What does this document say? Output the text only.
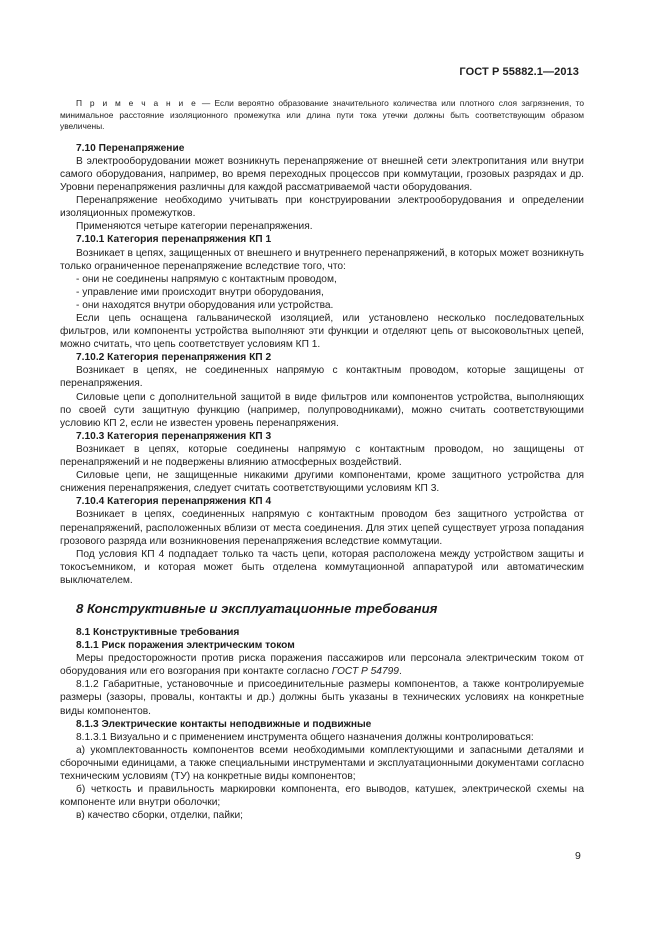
ГОСТ Р 55882.1—2013

П р и м е ч а н и е — Если вероятно образование значительного количества или плотного слоя загрязнения, то минимальное расстояние изоляционного промежутка или длина пути тока утечки должны быть соответствующим образом увеличены.

7.10 Перенапряжение

В электрооборудовании может возникнуть перенапряжение от внешней сети электропитания или внутри самого оборудования, например, во время переходных процессов при коммутации, грозовых разрядах и др. Уровни перенапряжения различны для каждой рассматриваемой части оборудования.

Перенапряжение необходимо учитывать при конструировании электрооборудования и определении изоляционных промежутков.

Применяются четыре категории перенапряжения.

7.10.1 Категория перенапряжения КП 1

Возникает в цепях, защищенных от внешнего и внутреннего перенапряжений, в которых может возникнуть только ограниченное перенапряжение вследствие того, что:

- они не соединены напрямую с контактным проводом,

- управление ими происходит внутри оборудования,

- они находятся внутри оборудования или устройства.

Если цепь оснащена гальванической изоляцией, или установлено несколько последовательных фильтров, или компоненты устройства выполняют эти функции и отделяют цепь от высоковольтных цепей, можно считать, что цепь соответствует условиям КП 1.

7.10.2 Категория перенапряжения КП 2

Возникает в цепях, не соединенных напрямую с контактным проводом, которые защищены от перенапряжения.

Силовые цепи с дополнительной защитой в виде фильтров или компонентов устройства, выполняющих по своей сути защитную функцию (например, полупроводниками), можно считать соответствующими условию КП 2, если не известен уровень перенапряжения.

7.10.3 Категория перенапряжения КП 3

Возникает в цепях, которые соединены напрямую с контактным проводом, но защищены от перенапряжений и не подвержены влиянию атмосферных воздействий.

Силовые цепи, не защищенные никакими другими компонентами, кроме защитного устройства для снижения перенапряжения, следует считать соответствующими условиям КП 3.

7.10.4 Категория перенапряжения КП 4

Возникает в цепях, соединенных напрямую с контактным проводом без защитного устройства от перенапряжений, расположенных вблизи от места соединения. Для этих цепей существует угроза попадания грозового разряда или возникновения перенапряжения вследствие коммутации.

Под условия КП 4 подпадает только та часть цепи, которая расположена между устройством защиты и токосъемником, и которая может быть отделена коммутационной аппаратурой или автоматическим выключателем.

8 Конструктивные и эксплуатационные требования

8.1 Конструктивные требования

8.1.1 Риск поражения электрическим током

Меры предосторожности против риска поражения пассажиров или персонала электрическим током от оборудования или его возгорания при контакте согласно ГОСТ Р 54799.

8.1.2 Габаритные, установочные и присоединительные размеры компонентов, а также контролируемые размеры (зазоры, провалы, контакты и др.) должны быть указаны в технических условиях на конкретные виды компонентов.

8.1.3 Электрические контакты неподвижные и подвижные

8.1.3.1 Визуально и с применением инструмента общего назначения должны контролироваться:

а) укомплектованность компонентов всеми необходимыми комплектующими и запасными деталями и сборочными единицами, а также специальными инструментами и эксплуатационными документами согласно техническим условиям (ТУ) на конкретные виды компонентов;

б) четкость и правильность маркировки компонента, его выводов, катушек, электрической схемы на компоненте или внутри оболочки;

в) качество сборки, отделки, пайки;

9
